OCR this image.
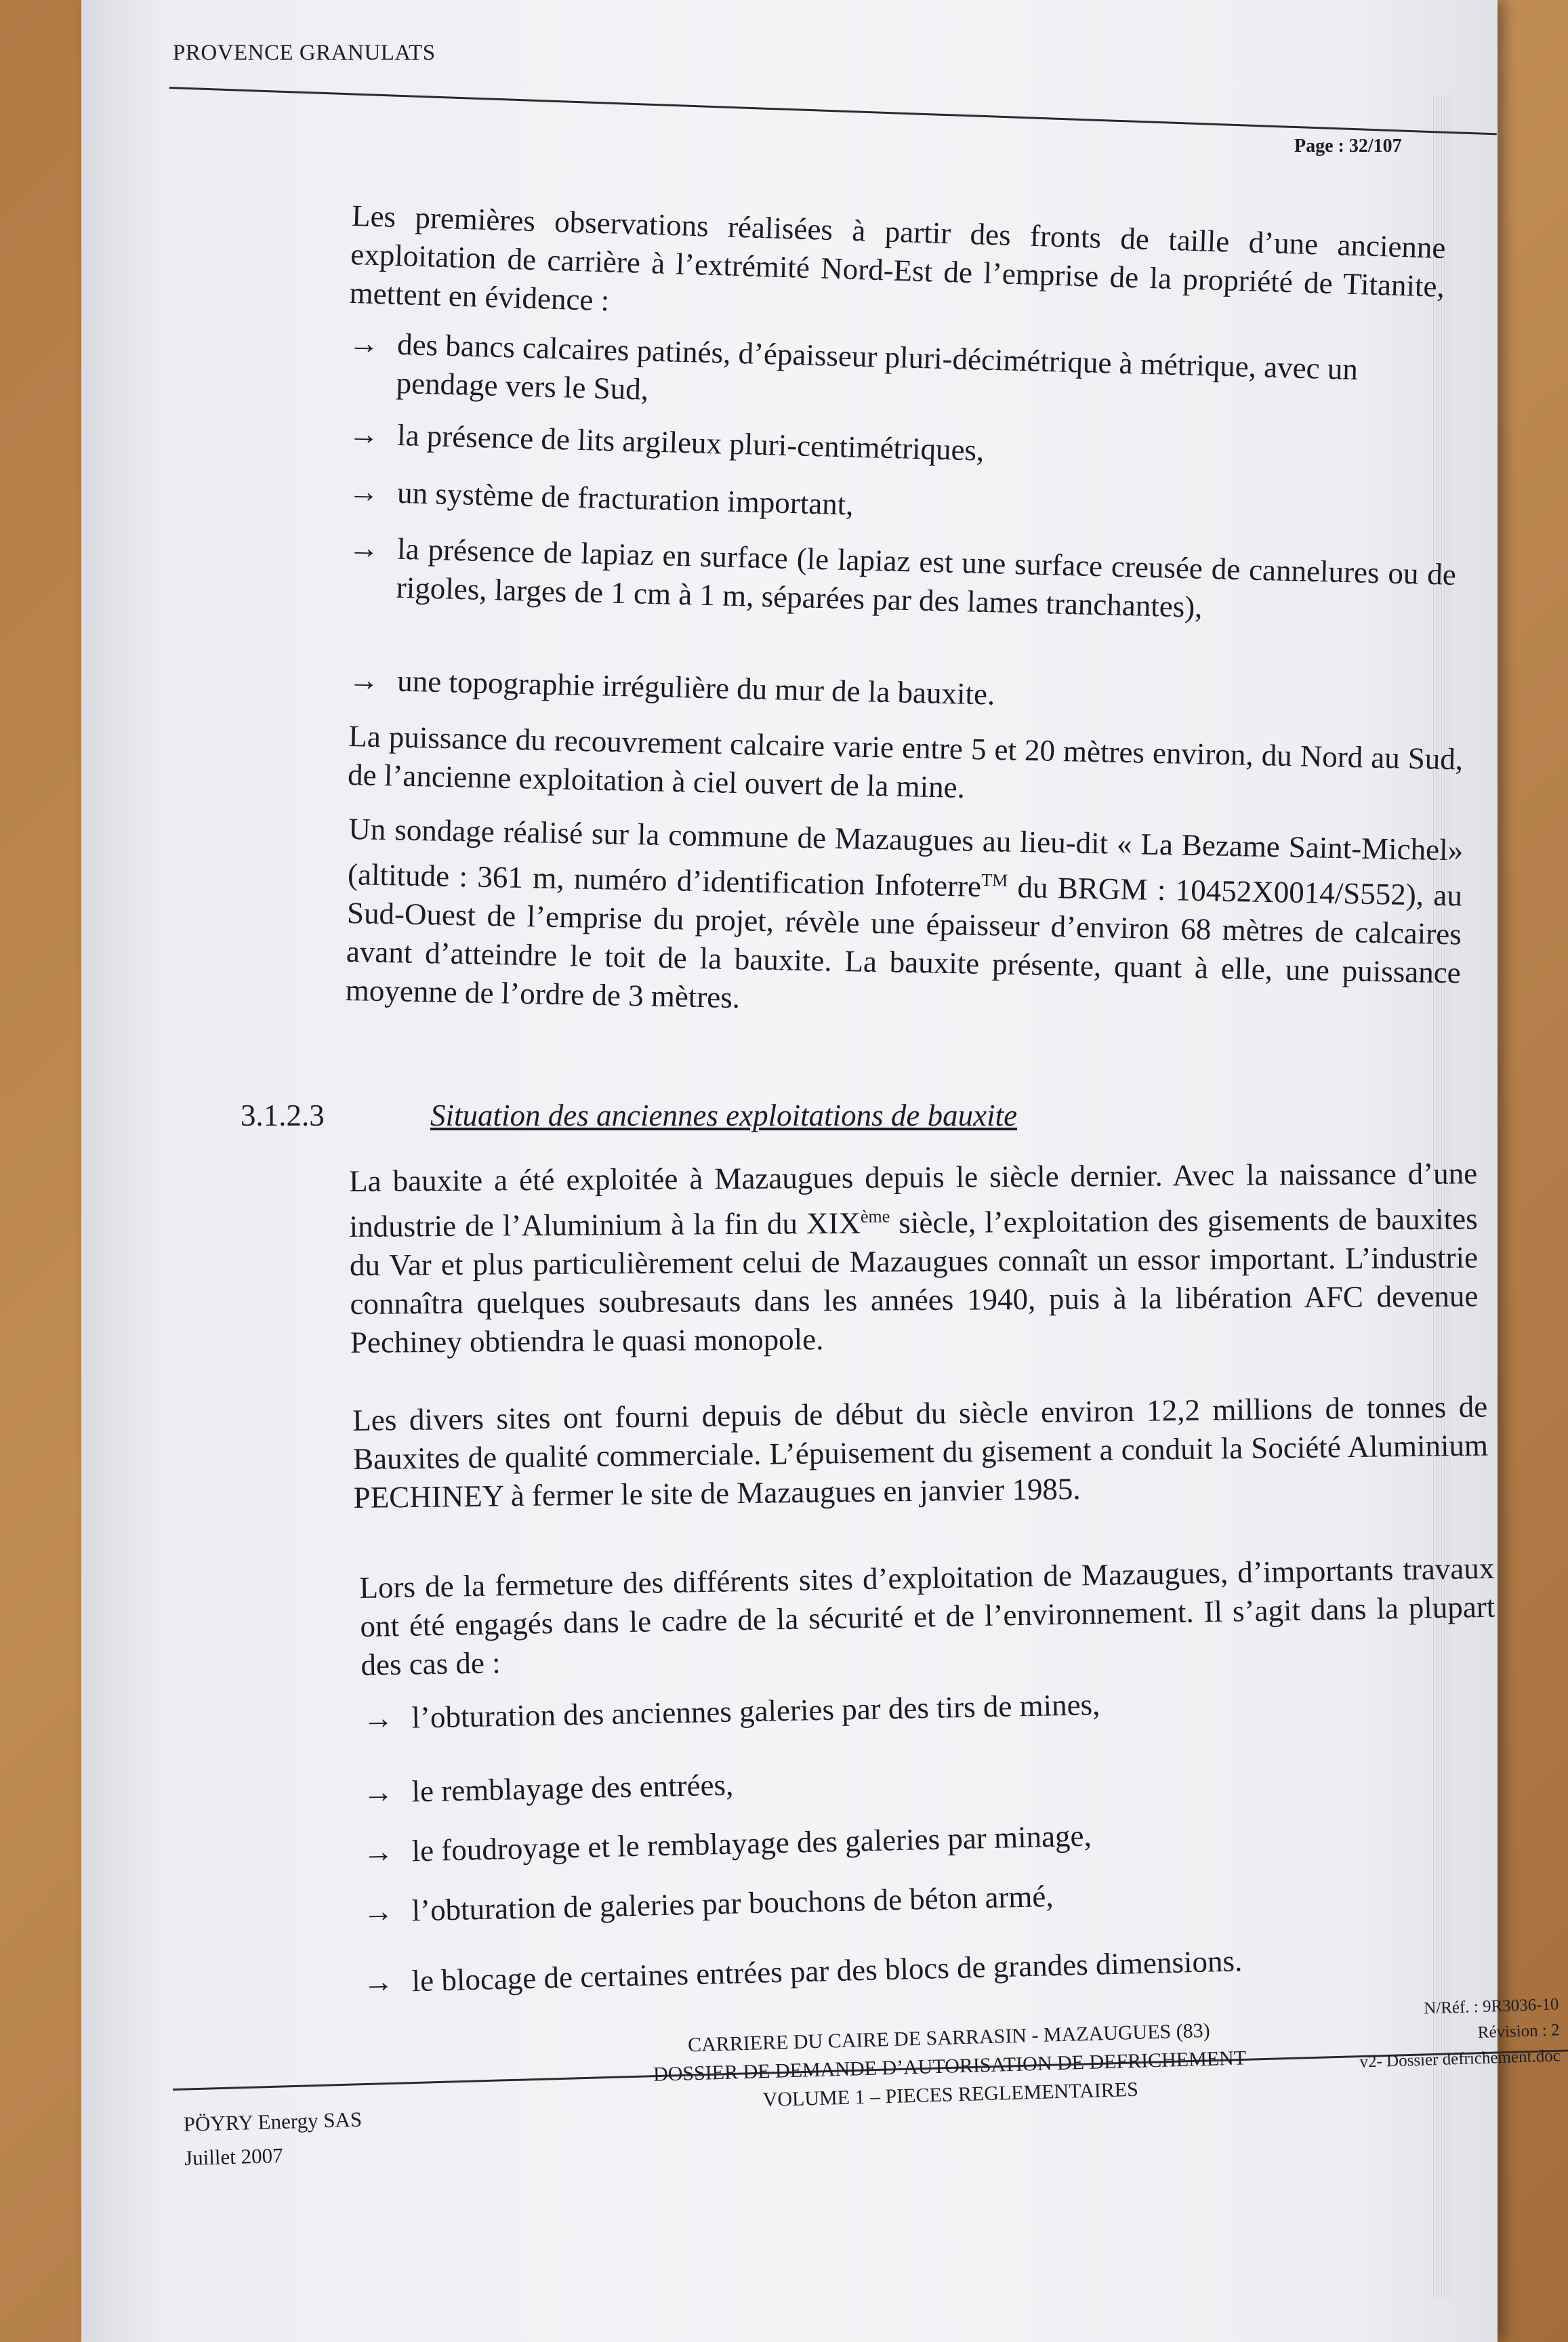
PROVENCE GRANULATS
Page : 32/107

Les premières observations réalisées à partir des fronts de taille d’une ancienne exploitation de carrière à l’extrémité Nord-Est de l’emprise de la propriété de Titanite, mettent en évidence :

→ des bancs calcaires patinés, d’épaisseur pluri-décimétrique à métrique, avec un pendage vers le Sud,

→ la présence de lits argileux pluri-centimétriques,

→ un système de fracturation important,

→ la présence de lapiaz en surface (le lapiaz est une surface creusée de cannelures ou de rigoles, larges de 1 cm à 1 m, séparées par des lames tranchantes),

→ une topographie irrégulière du mur de la bauxite.

La puissance du recouvrement calcaire varie entre 5 et 20 mètres environ, du Nord au Sud, de l’ancienne exploitation à ciel ouvert de la mine.

Un sondage réalisé sur la commune de Mazaugues au lieu-dit « La Bezame Saint-Michel» (altitude : 361 m, numéro d’identification Infoterre™ du BRGM : 10452X0014/S552), au Sud-Ouest de l’emprise du projet, révèle une épaisseur d’environ 68 mètres de calcaires avant d’atteindre le toit de la bauxite. La bauxite présente, quant à elle, une puissance moyenne de l’ordre de 3 mètres.

3.1.2.3	Situation des anciennes exploitations de bauxite

La bauxite a été exploitée à Mazaugues depuis le siècle dernier. Avec la naissance d’une industrie de l’Aluminium à la fin du XIXème siècle, l’exploitation des gisements de bauxites du Var et plus particulièrement celui de Mazaugues connaît un essor important. L’industrie connaîtra quelques soubresauts dans les années 1940, puis à la libération AFC devenue Pechiney obtiendra le quasi monopole.

Les divers sites ont fourni depuis de début du siècle environ 12,2 millions de tonnes de Bauxites de qualité commerciale. L’épuisement du gisement a conduit la Société Aluminium PECHINEY à fermer le site de Mazaugues en janvier 1985.

Lors de la fermeture des différents sites d’exploitation de Mazaugues, d’importants travaux ont été engagés dans le cadre de la sécurité et de l’environnement. Il s’agit dans la plupart des cas de :

→ l’obturation des anciennes galeries par des tirs de mines,

→ le remblayage des entrées,

→ le foudroyage et le remblayage des galeries par minage,

→ l’obturation de galeries par bouchons de béton armé,

→ le blocage de certaines entrées par des blocs de grandes dimensions.

PÖYRY Energy SAS
Juillet 2007
CARRIERE DU CAIRE DE SARRASIN - MAZAUGUES (83)
DOSSIER DE DEMANDE D’AUTORISATION DE DEFRICHEMENT
VOLUME 1 – PIECES REGLEMENTAIRES
N/Réf. : 9R3036-10
Révision : 2
v2- Dossier défrichement.doc
